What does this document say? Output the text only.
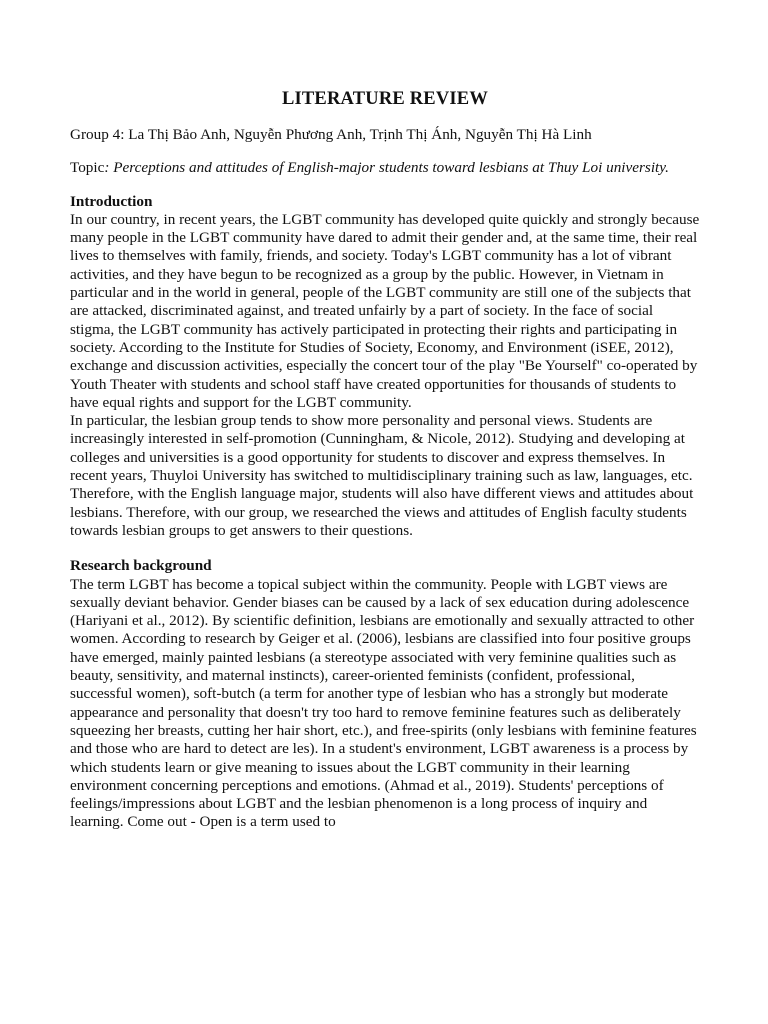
LITERATURE REVIEW

Group 4: La Thị Bảo Anh, Nguyễn Phương Anh, Trịnh Thị Ánh, Nguyễn Thị Hà Linh

Topic: Perceptions and attitudes of English-major students toward lesbians at Thuy Loi university.

Introduction

In our country, in recent years, the LGBT community has developed quite quickly and strongly because many people in the LGBT community have dared to admit their gender and, at the same time, their real lives to themselves with family, friends, and society. Today's LGBT community has a lot of vibrant activities, and they have begun to be recognized as a group by the public. However, in Vietnam in particular and in the world in general, people of the LGBT community are still one of the subjects that are attacked, discriminated against, and treated unfairly by a part of society. In the face of social stigma, the LGBT community has actively participated in protecting their rights and participating in society. According to the Institute for Studies of Society, Economy, and Environment (iSEE, 2012), exchange and discussion activities, especially the concert tour of the play "Be Yourself" co-operated by Youth Theater with students and school staff have created opportunities for thousands of students to have equal rights and support for the LGBT community.

In particular, the lesbian group tends to show more personality and personal views. Students are increasingly interested in self-promotion (Cunningham, & Nicole, 2012). Studying and developing at colleges and universities is a good opportunity for students to discover and express themselves. In recent years, Thuyloi University has switched to multidisciplinary training such as law, languages, etc. Therefore, with the English language major, students will also have different views and attitudes about lesbians. Therefore, with our group, we researched the views and attitudes of English faculty students towards lesbian groups to get answers to their questions.

Research background

The term LGBT has become a topical subject within the community. People with LGBT views are sexually deviant behavior. Gender biases can be caused by a lack of sex education during adolescence (Hariyani et al., 2012). By scientific definition, lesbians are emotionally and sexually attracted to other women. According to research by Geiger et al. (2006), lesbians are classified into four positive groups have emerged, mainly painted lesbians (a stereotype associated with very feminine qualities such as beauty, sensitivity, and maternal instincts), career-oriented feminists (confident, professional, successful women), soft-butch (a term for another type of lesbian who has a strongly but moderate appearance and personality that doesn't try too hard to remove feminine features such as deliberately squeezing her breasts, cutting her hair short, etc.), and free-spirits (only lesbians with feminine features and those who are hard to detect are les). In a student's environment, LGBT awareness is a process by which students learn or give meaning to issues about the LGBT community in their learning environment concerning perceptions and emotions. (Ahmad et al., 2019). Students' perceptions of feelings/impressions about LGBT and the lesbian phenomenon is a long process of inquiry and learning. Come out - Open is a term used to
